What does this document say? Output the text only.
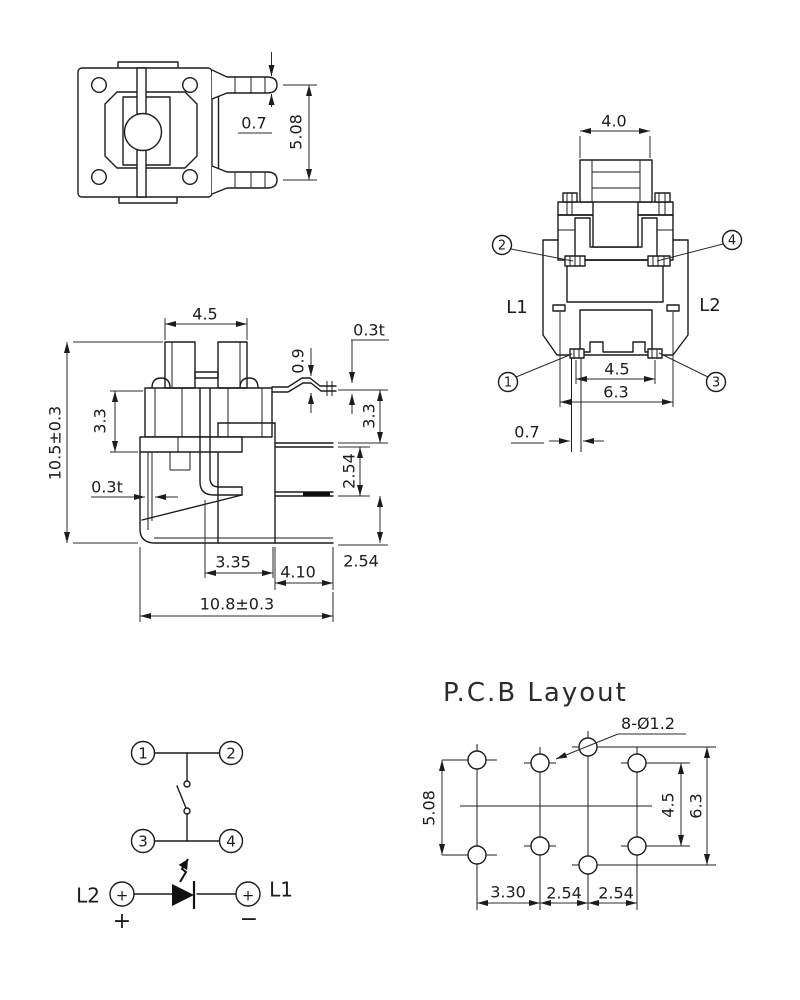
0.7 5.08
2	4
1	3
L1	L2
4.0
4.5
6.3
0.7
4.5
10.5±0.3 3.3
0.9
0.3t
3.3
2.54
2.54
0.3t
3.35
4.10
10.8±0.3
1	2
3	4
+	+
L2	L1
+	−
P.C.B Layout
8-Ø1.2
5.08	4.5 6.3
3.30 2.54 2.54
